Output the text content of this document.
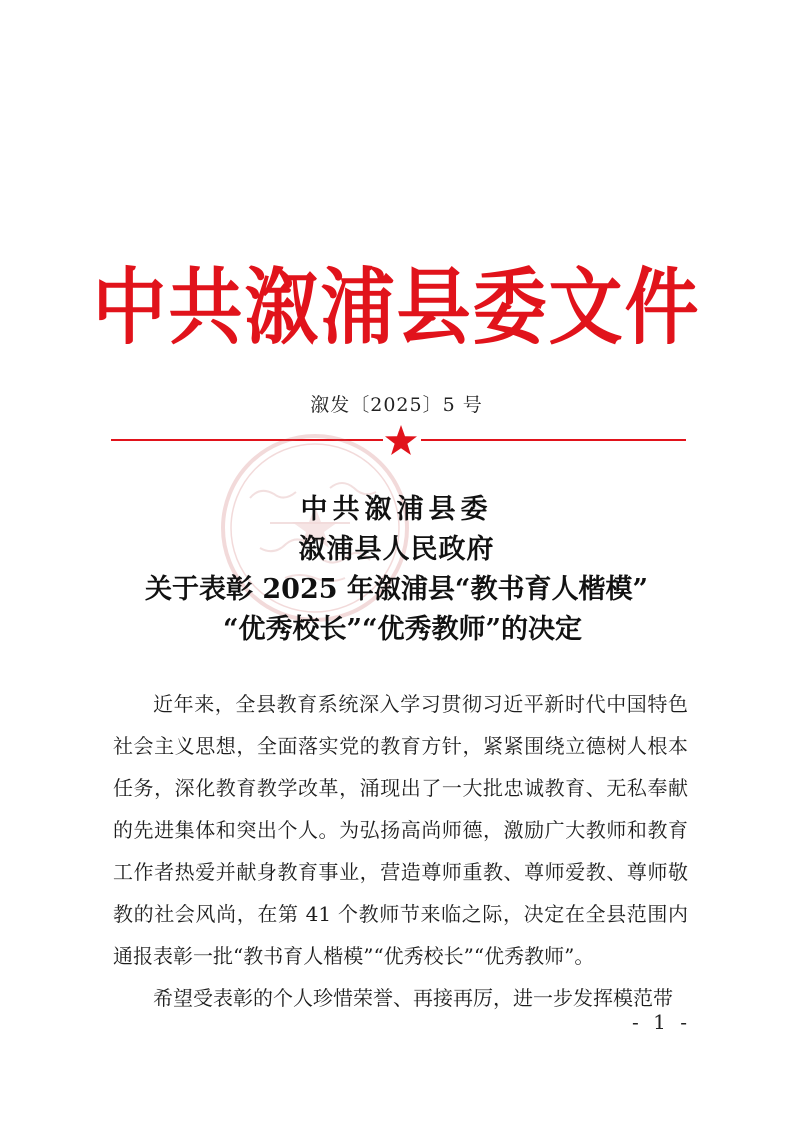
中共溆浦县委文件
溆发〔2025〕5 号
中共溆浦县委
溆浦县人民政府
关于表彰 2025 年溆浦县“教书育人楷模”
“优秀校长”“优秀教师”的决定

近年来，全县教育系统深入学习贯彻习近平新时代中国特色社会主义思想，全面落实党的教育方针，紧紧围绕立德树人根本任务，深化教育教学改革，涌现出了一大批忠诚教育、无私奉献的先进集体和突出个人。为弘扬高尚师德，激励广大教师和教育工作者热爱并献身教育事业，营造尊师重教、尊师爱教、尊师敬教的社会风尚，在第 41 个教师节来临之际，决定在全县范围内通报表彰一批“教书育人楷模”“优秀校长”“优秀教师”。

希望受表彰的个人珍惜荣誉、再接再厉，进一步发挥模范带

- 1 -
